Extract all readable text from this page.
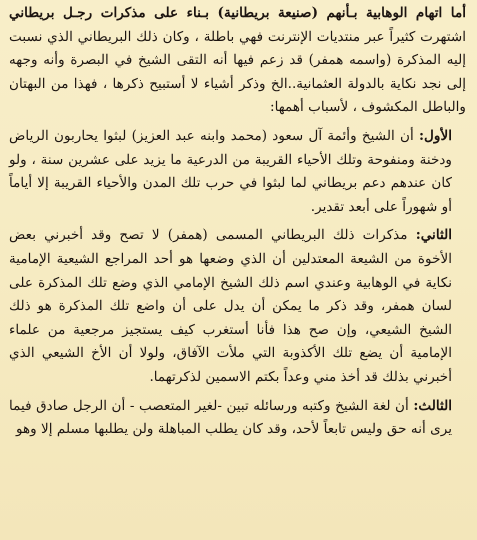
أما اتهام الوهابية بـأنهم (صنيعة بريطانية) بـناء على مذكرات رجـل بريطاني اشتهرت كثيراً عبر منتديات الإنترنت فهي باطلة ، وكان ذلك البريطاني الذي نسبت إليه المذكرة (واسمه همفر) قد زعم فيها أنه التقى الشيخ في البصرة وأنه وجهه إلى نجد نكاية بالدولة العثمانية..الخ وذكر أشياء لا أستبيح ذكرها ، فهذا من البهتان والباطل المكشوف ، لأسباب أهمها:

الأول: أن الشيخ وأئمة آل سعود (محمد وابنه عبد العزيز) لبثوا يحاربون الرياض ودخنة ومنفوحة وتلك الأحياء القريبة من الدرعية ما يزيد على عشرين سنة ، ولو كان عندهم دعم بريطاني لما لبثوا في حرب تلك المدن والأحياء القريبة إلا أياماً أو شهوراً على أبعد تقدير.

الثاني: مذكرات ذلك البريطاني المسمى (همفر) لا تصح وقد أخبرني بعض الأخوة من الشيعة المعتدلين أن الذي وضعها هو أحد المراجع الشيعية الإمامية نكاية في الوهابية وعندي اسم ذلك الشيخ الإمامي الذي وضع تلك المذكرة على لسان همفر، وقد ذكر ما يمكن أن يدل على أن واضع تلك المذكرة هو ذلك الشيخ الشيعي، وإن صح هذا فأنا أستغرب كيف يستجيز مرجعية من علماء الإمامية أن يضع تلك الأكذوبة التي ملأت الآفاق، ولولا أن الأخ الشيعي الذي أخبرني بذلك قد أخذ مني وعداً بكتم الاسمين لذكرتهما.

الثالث: أن لغة الشيخ وكتبه ورسائله تبين -لغير المتعصب - أن الرجل صادق فيما يرى أنه حق وليس تابعاً لأحد، وقد كان يطلب المباهلة ولن يطلبها مسلم إلا وهو
